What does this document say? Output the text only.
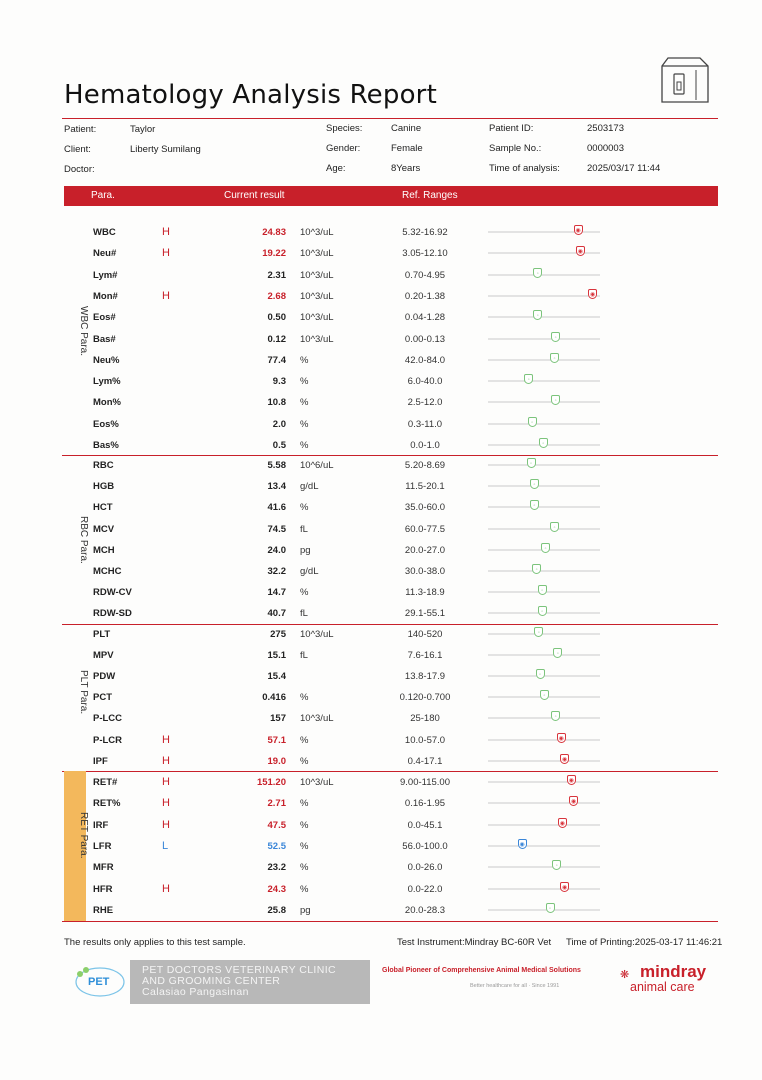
Hematology Analysis Report
Patient:	Taylor
Client:	Liberty Sumilang
Doctor:
Species:	Canine
Gender:	Female
Age:	8Years
Patient ID:	2503173
Sample No.:	0000003
Time of analysis:	2025/03/17 11:44
Para.	Current result	Ref. Ranges
WBC Para.
RBC Para.
PLT Para.
RET Para.
WBC	H	24.83 10^3/uL	5.32-16.92	◉
Neu#	H	19.22 10^3/uL	3.05-12.10	◉
Lym#	2.31 10^3/uL	0.70-4.95	◦
Mon#	H	2.68 10^3/uL	0.20-1.38	◉
Eos#	0.50 10^3/uL	0.04-1.28	◦
Bas#	0.12 10^3/uL	0.00-0.13	◦
Neu%	77.4 %	42.0-84.0	◦
Lym%	9.3 %	6.0-40.0	◦
Mon%	10.8 %	2.5-12.0	◦
Eos%	2.0 %	0.3-11.0	◦
Bas%	0.5 %	0.0-1.0	◦
RBC	5.58 10^6/uL	5.20-8.69	◦
HGB	13.4 g/dL	11.5-20.1	◦
HCT	41.6 %	35.0-60.0	◦
MCV	74.5 fL	60.0-77.5	◦
MCH	24.0 pg	20.0-27.0	◦
MCHC	32.2 g/dL	30.0-38.0	◦
RDW-CV	14.7 %	11.3-18.9	◦
RDW-SD	40.7 fL	29.1-55.1	◦
PLT	275 10^3/uL	140-520	◦
MPV	15.1 fL	7.6-16.1	◦
PDW	15.4	13.8-17.9	◦
PCT	0.416 %	0.120-0.700	◦
P-LCC	157 10^3/uL	25-180	◦
P-LCR	H	57.1 %	10.0-57.0	◉
IPF	H	19.0 %	0.4-17.1	◉
RET#	H	151.20 10^3/uL	9.00-115.00	◉
RET%	H	2.71 %	0.16-1.95	◉
IRF	H	47.5 %	0.0-45.1	◉
LFR	L	52.5 %	56.0-100.0	◉
MFR	23.2 %	0.0-26.0	◦
HFR	H	24.3 %	0.0-22.0	◉
RHE	25.8 pg	20.0-28.3	◦
The results only applies to this test sample.	Test Instrument:Mindray BC-60R Vet Time of Printing:2025-03-17 11:46:21
PET
PET DOCTORS VETERINARY CLINIC
AND GROOMING CENTER
Calasiao Pangasinan
Global Pioneer of Comprehensive Animal Medical Solutions
Better healthcare for all · Since 1991
❋ mindray
animal care
